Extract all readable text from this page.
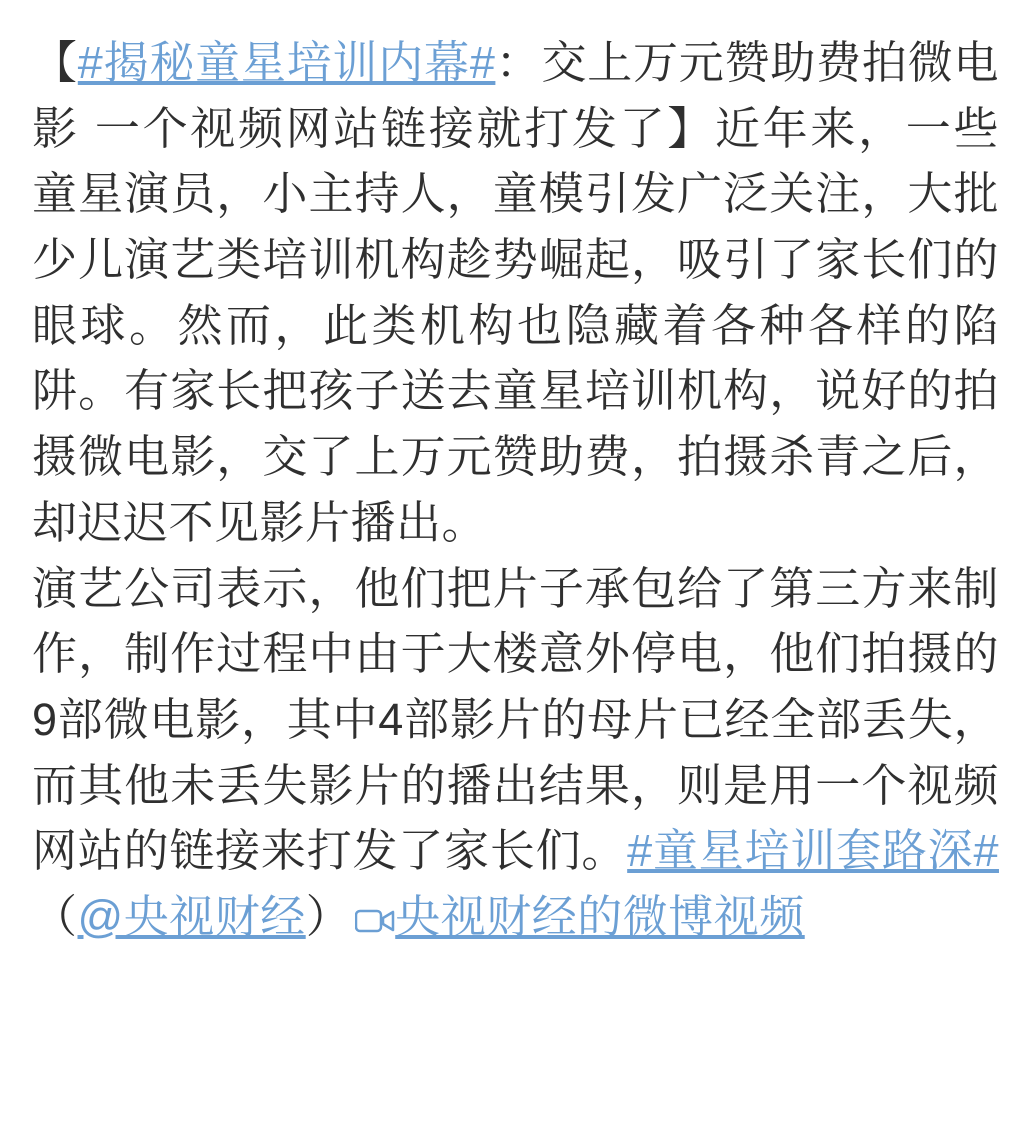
【#揭秘童星培训内幕#：交上万元赞助费拍微电影 一个视频网站链接就打发了】近年来，一些童星演员，小主持人，童模引发广泛关注，大批少儿演艺类培训机构趁势崛起，吸引了家长们的眼球。然而，此类机构也隐藏着各种各样的陷阱。有家长把孩子送去童星培训机构，说好的拍摄微电影，交了上万元赞助费，拍摄杀青之后，却迟迟不见影片播出。

演艺公司表示，他们把片子承包给了第三方来制作，制作过程中由于大楼意外停电，他们拍摄的9部微电影，其中4部影片的母片已经全部丢失，而其他未丢失影片的播出结果，则是用一个视频网站的链接来打发了家长们。#童星培训套路深#（@央视财经） 央视财经的微博视频
